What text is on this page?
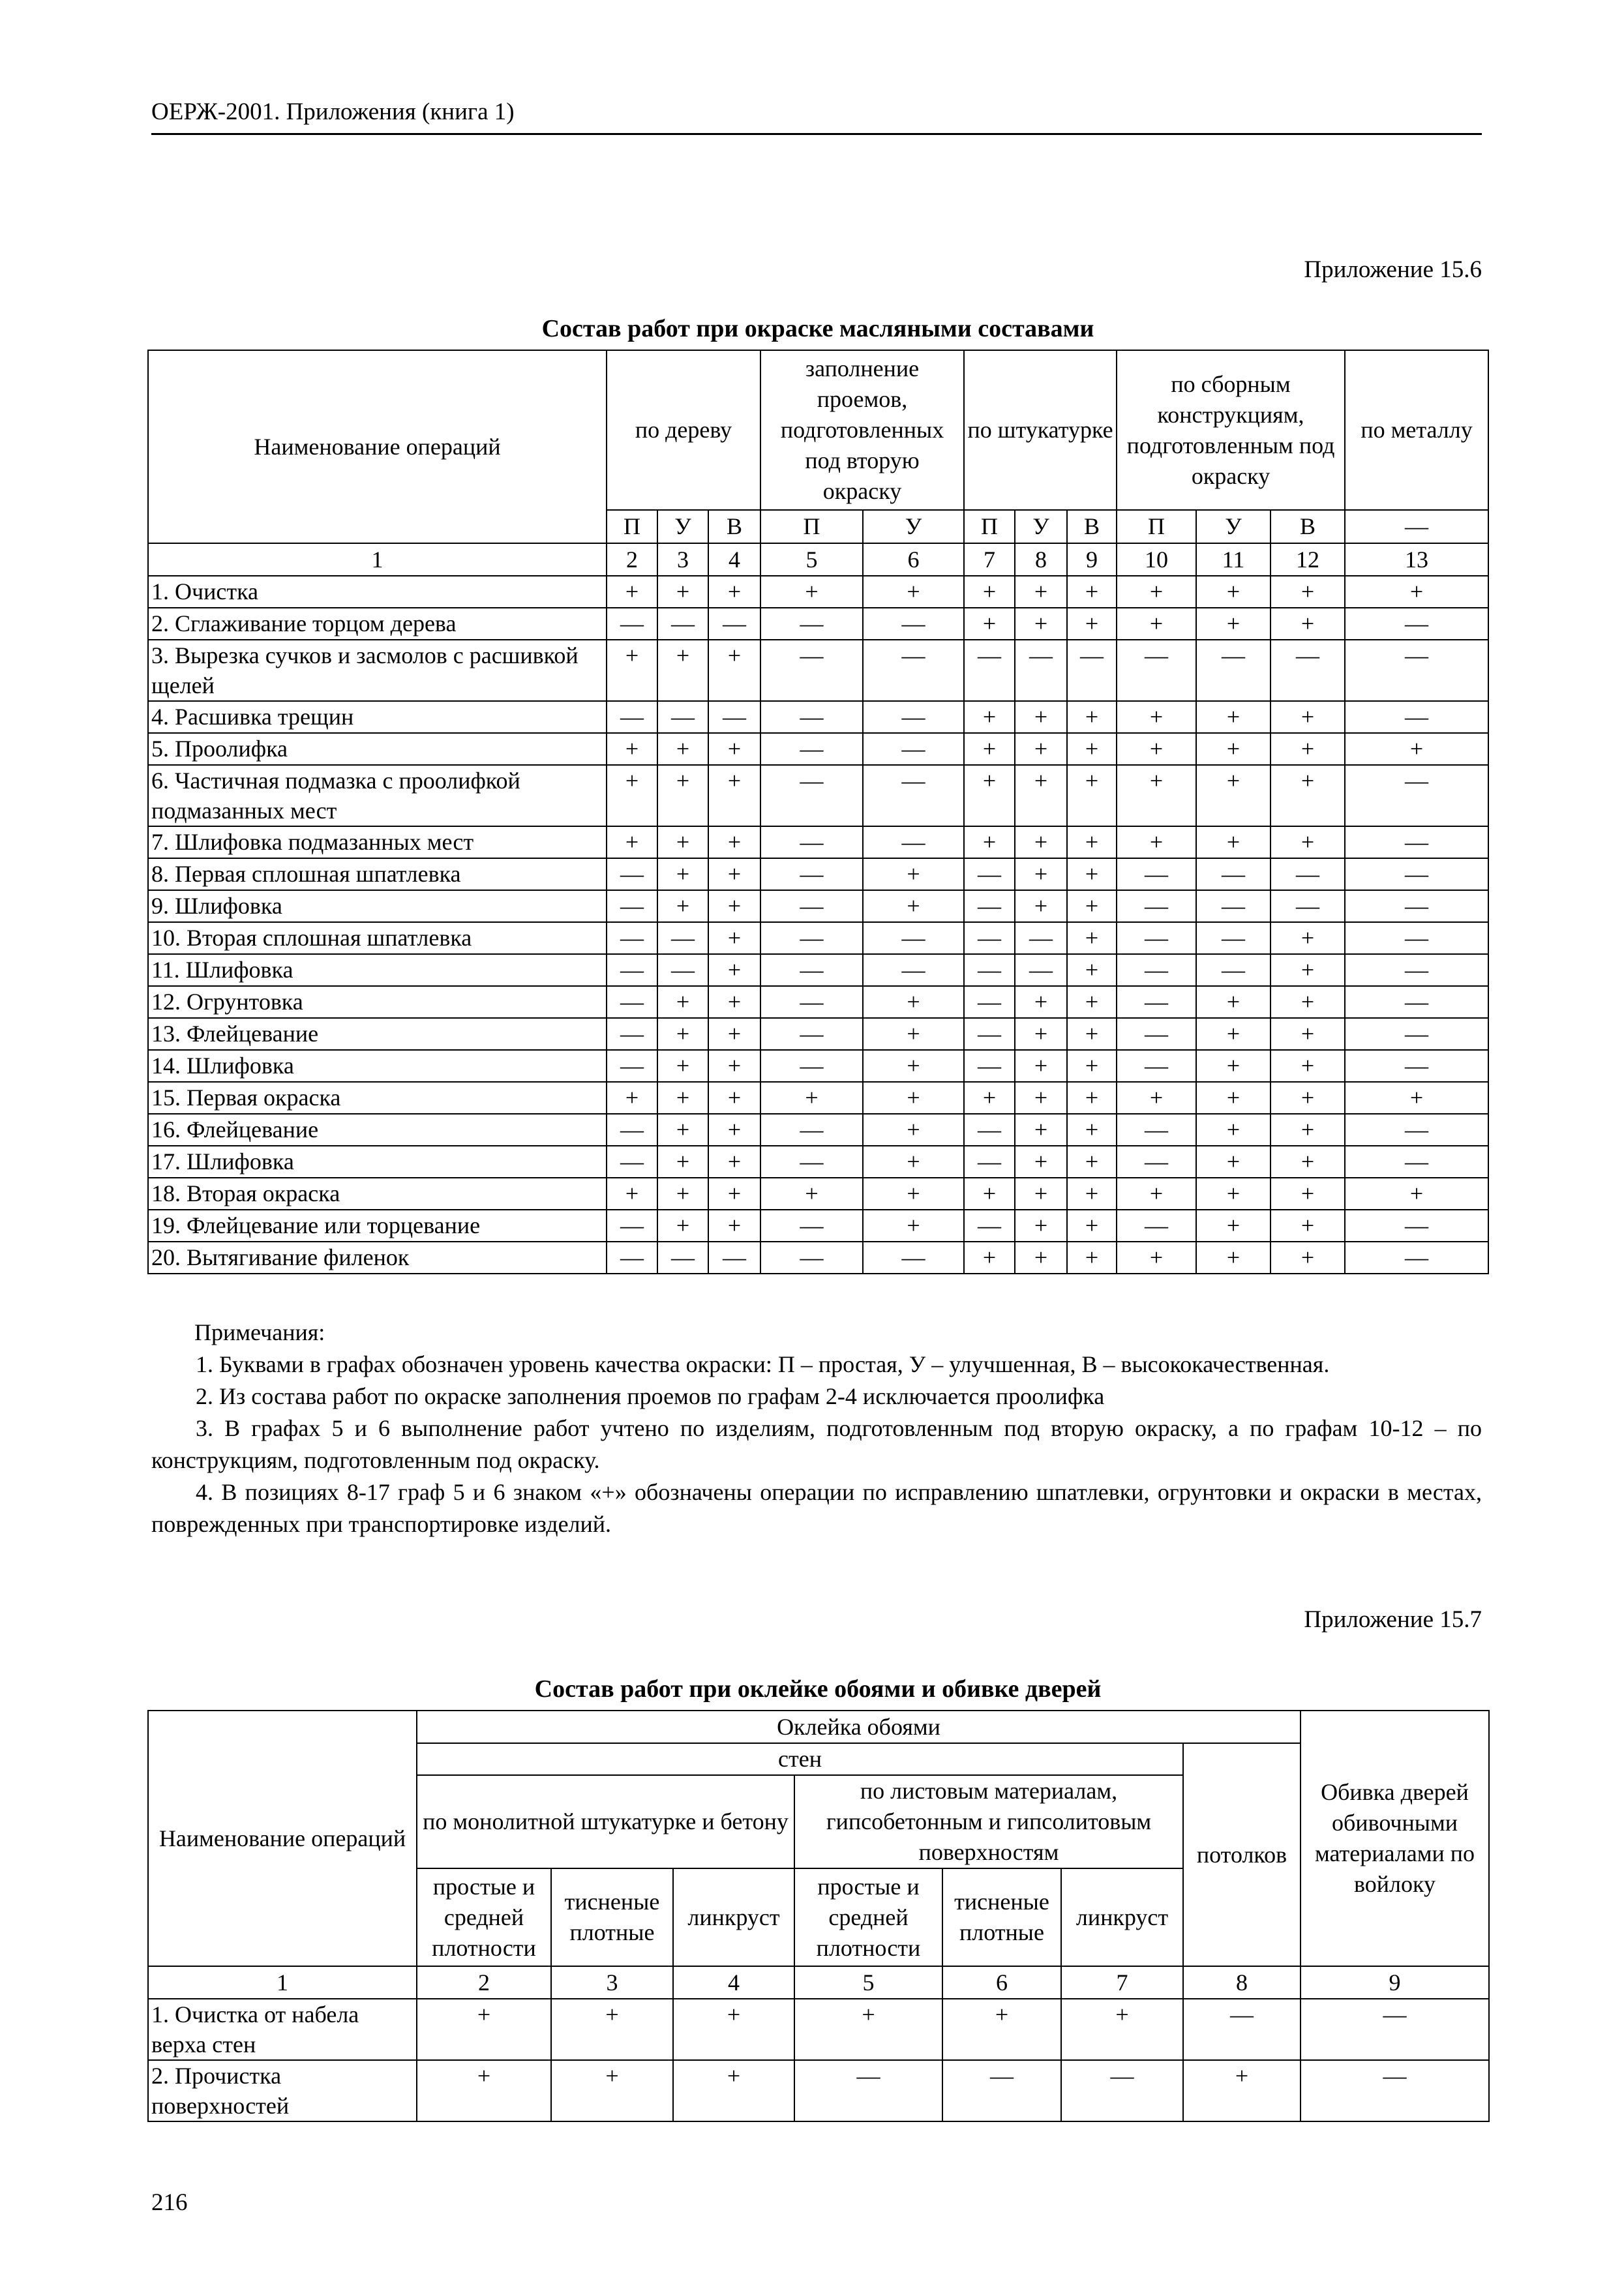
ОЕРЖ-2001. Приложения (книга 1)
Приложение 15.6
Состав работ при окраске масляными составами
Наименование операций	по дереву			заполнение проемов, подготовленных под вторую окраску		по штукатурке			по сборным конструкциям, подготовленным под окраску			по металлу
	П	У	В	П	У	П	У	В	П	У	В	—
1	2	3	4	5	6	7	8	9	10	11	12	13
1. Очистка	+	+	+	+	+	+	+	+	+	+	+	+
2. Сглаживание торцом дерева	—	—	—	—	—	+	+	+	+	+	+	—
3. Вырезка сучков и засмолов с расшивкой щелей	+	+	+	—	—	—	—	—	—	—	—	—
4. Расшивка трещин	—	—	—	—	—	+	+	+	+	+	+	—
5. Проолифка	+	+	+	—	—	+	+	+	+	+	+	+
6. Частичная подмазка с проолифкой подмазанных мест	+	+	+	—	—	+	+	+	+	+	+	—
7. Шлифовка подмазанных мест	+	+	+	—	—	+	+	+	+	+	+	—
8. Первая сплошная шпатлевка	—	+	+	—	+	—	+	+	—	—	—	—
9. Шлифовка	—	+	+	—	+	—	+	+	—	—	—	—
10. Вторая сплошная шпатлевка	—	—	+	—	—	—	—	+	—	—	+	—
11. Шлифовка	—	—	+	—	—	—	—	+	—	—	+	—
12. Огрунтовка	—	+	+	—	+	—	+	+	—	+	+	—
13. Флейцевание	—	+	+	—	+	—	+	+	—	+	+	—
14. Шлифовка	—	+	+	—	+	—	+	+	—	+	+	—
15. Первая окраска	+	+	+	+	+	+	+	+	+	+	+	+
16. Флейцевание	—	+	+	—	+	—	+	+	—	+	+	—
17. Шлифовка	—	+	+	—	+	—	+	+	—	+	+	—
18. Вторая окраска	+	+	+	+	+	+	+	+	+	+	+	+
19. Флейцевание или торцевание	—	+	+	—	+	—	+	+	—	+	+	—
20. Вытягивание филенок	—	—	—	—	—	+	+	+	+	+	+	—

Примечания:

1. Буквами в графах обозначен уровень качества окраски: П – простая, У – улучшенная, В – высококачественная.

2. Из состава работ по окраске заполнения проемов по графам 2-4 исключается проолифка

3. В графах 5 и 6 выполнение работ учтено по изделиям, подготовленным под вторую окраску, а по графам 10-12 – по конструкциям, подготовленным под окраску.

4. В позициях 8-17 граф 5 и 6 знаком «+» обозначены операции по исправлению шпатлевки, огрунтовки и окраски в местах, поврежденных при транспортировке изделий.

Приложение 15.7
Состав работ при оклейке обоями и обивке дверей
Наименование операций	Оклейка обоями							Обивка дверей обивочными материалами по войлоку
	стен						потолков	
	по монолитной штукатурке и бетону			по листовым материалам, гипсобетонным и гипсолитовым поверхностям				
	простые и средней плотности	тисненые плотные	линкруст	простые и средней плотности	тисненые плотные	линкруст		
1	2	3	4	5	6	7	8	9
1. Очистка от набела верха стен	+	+	+	+	+	+	—	—
2. Прочистка поверхностей	+	+	+	—	—	—	+	—
216
